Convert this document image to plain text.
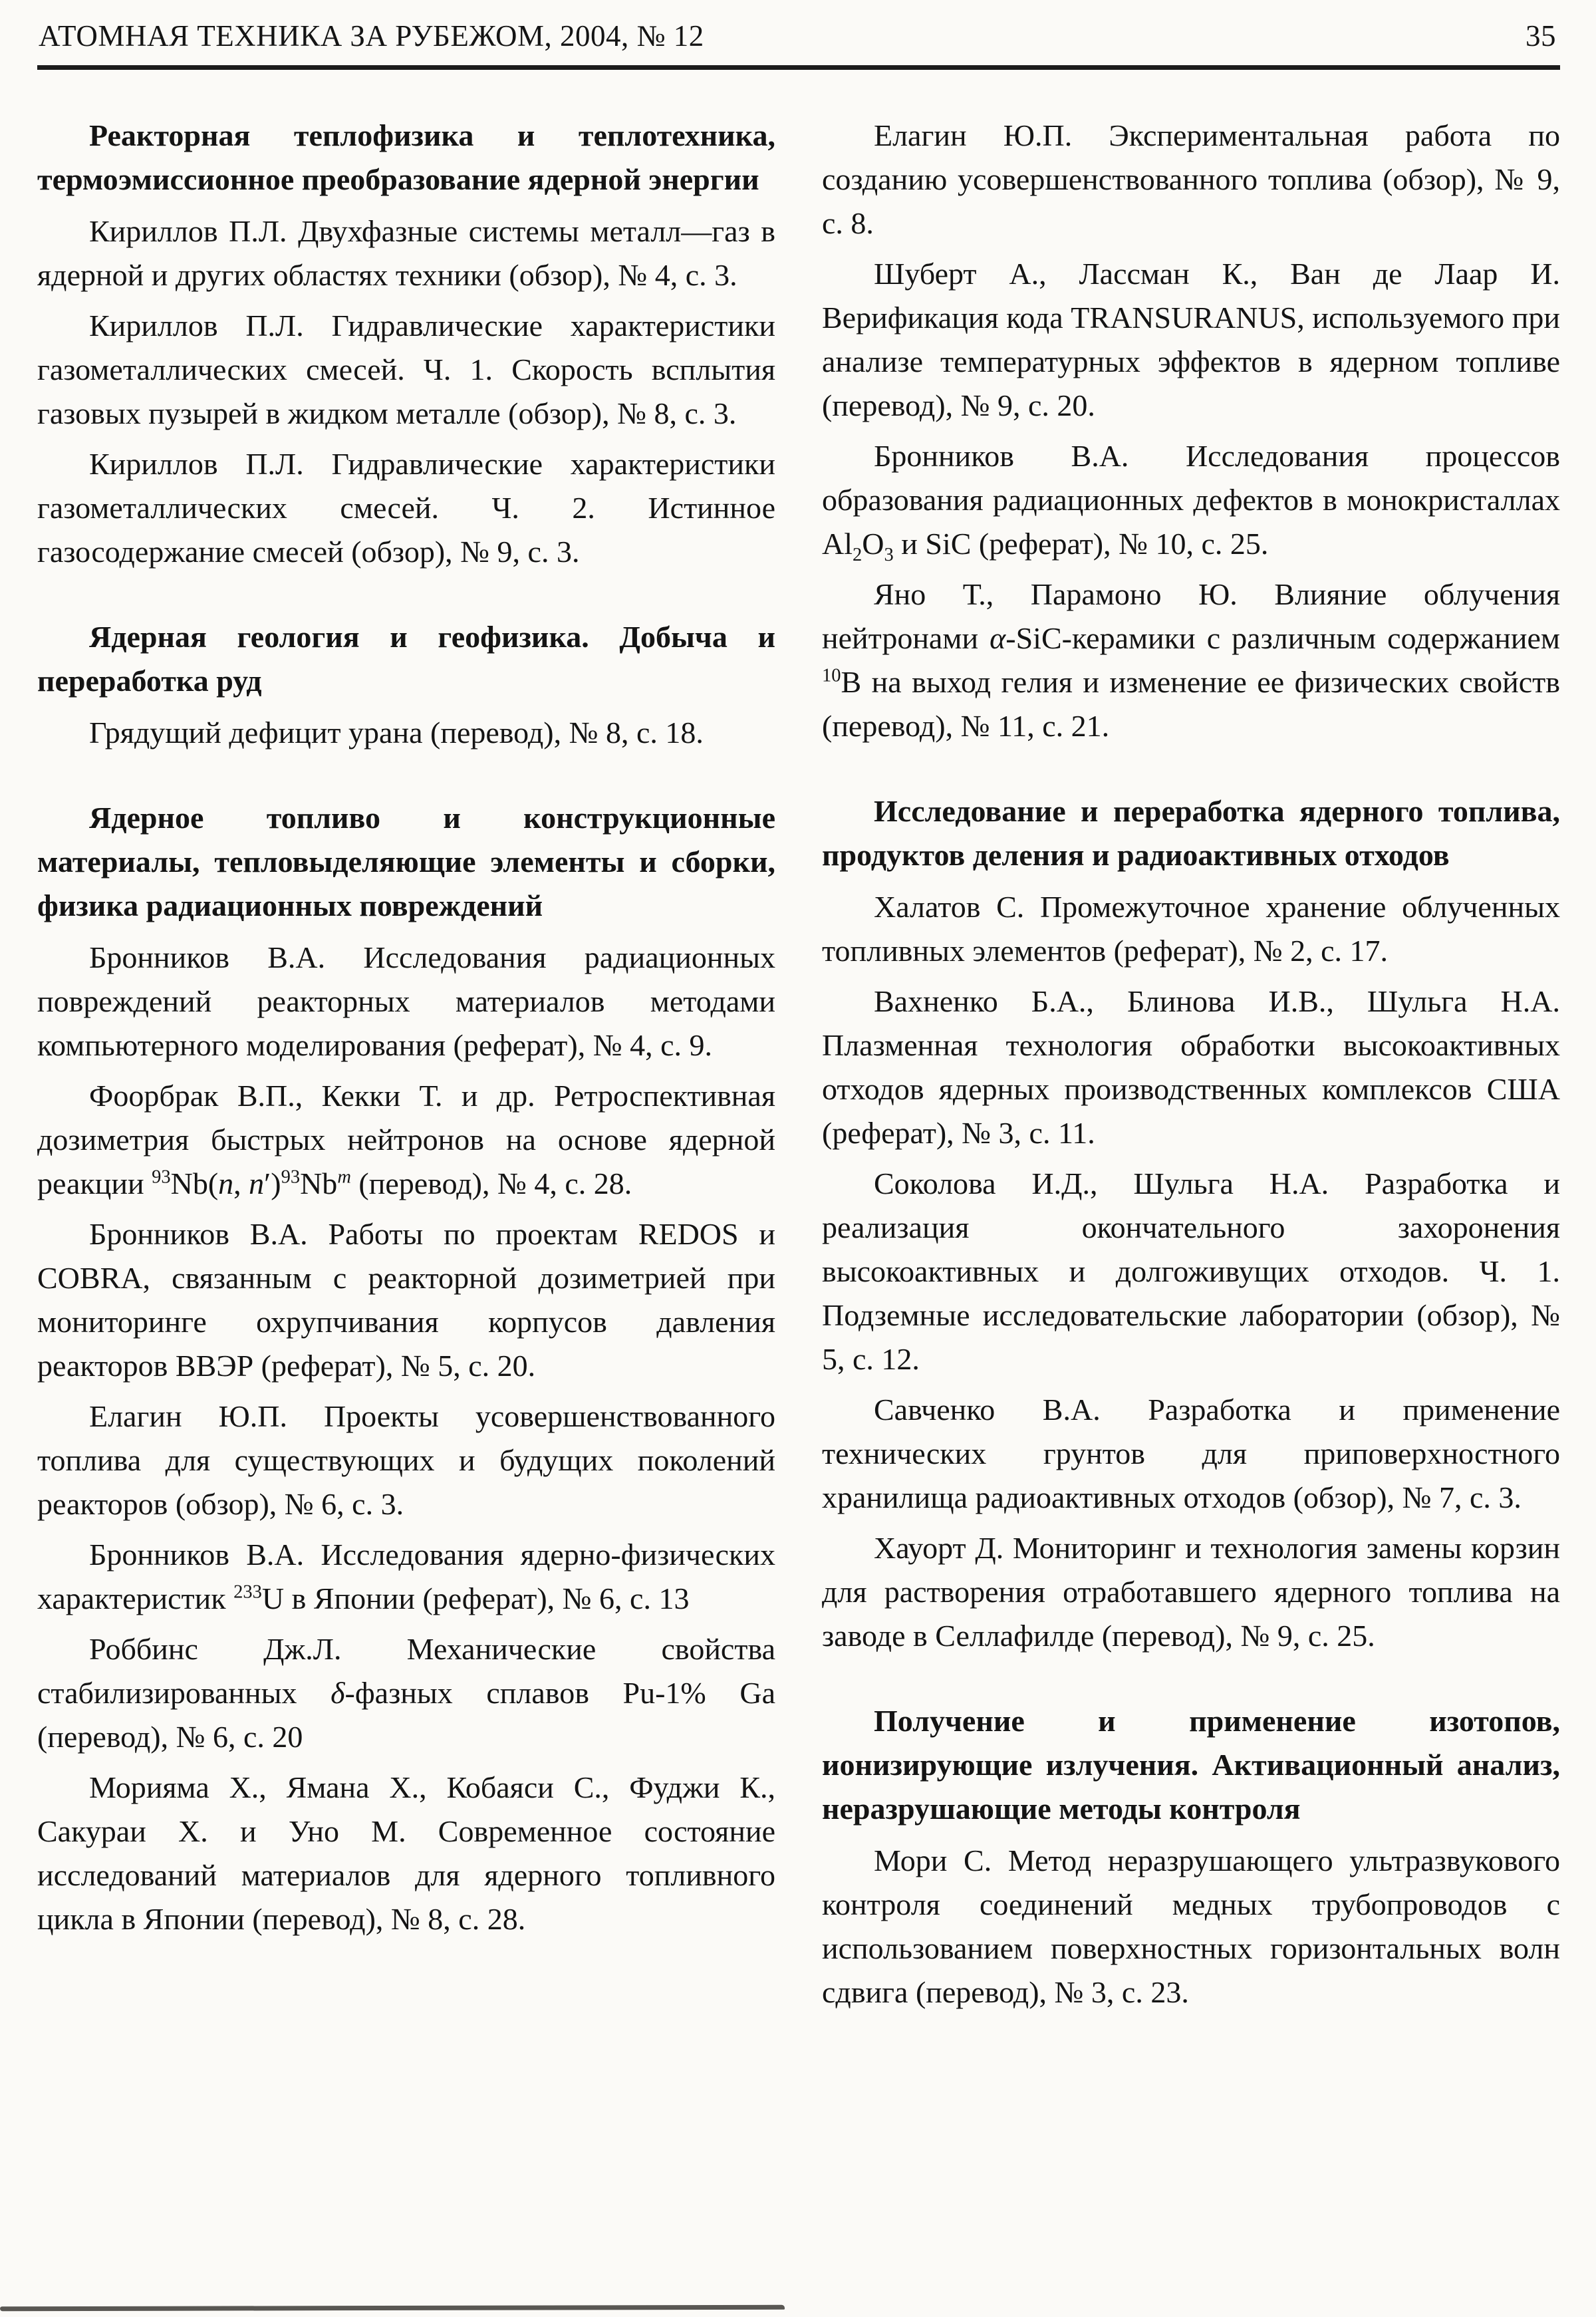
АТОМНАЯ ТЕХНИКА ЗА РУБЕЖОМ, 2004, № 12	35
Реакторная теплофизика и теплотехника, термоэмиссионное преобразование ядерной энергии

Кириллов П.Л. Двухфазные системы металл—газ в ядерной и других областях техники (обзор), № 4, с. 3.

Кириллов П.Л. Гидравлические характеристики газометаллических смесей. Ч. 1. Скорость всплытия газовых пузырей в жидком металле (обзор), № 8, с. 3.

Кириллов П.Л. Гидравлические характеристики газометаллических смесей. Ч. 2. Истинное газосодержание смесей (обзор), № 9, с. 3.

Ядерная геология и геофизика. Добыча и переработка руд

Грядущий дефицит урана (перевод), № 8, с. 18.

Ядерное топливо и конструкционные материалы, тепловыделяющие элементы и сборки, физика радиационных повреждений

Бронников В.А. Исследования радиационных повреждений реакторных материалов методами компьютерного моделирования (реферат), № 4, с. 9.

Фоорбрак В.П., Кекки Т. и др. Ретроспективная дозиметрия быстрых нейтронов на основе ядерной реакции $^{93}$Nb(n, n′)$^{93}$Nb$^m$ (перевод), № 4, с. 28.

Бронников В.А. Работы по проектам REDOS и COBRA, связанным с реакторной дозиметрией при мониторинге охрупчивания корпусов давления реакторов ВВЭР (реферат), № 5, с. 20.

Елагин Ю.П. Проекты усовершенствованного топлива для существующих и будущих поколений реакторов (обзор), № 6, с. 3.

Бронников В.А. Исследования ядерно-физических характеристик $^{233}$U в Японии (реферат), № 6, с. 13

Роббинс Дж.Л. Механические свойства стабилизированных δ-фазных сплавов Pu-1% Ga (перевод), № 6, с. 20

Морияма Х., Ямана Х., Кобаяси С., Фуджи К., Сакураи Х. и Уно М. Современное состояние исследований материалов для ядерного топливного цикла в Японии (перевод), № 8, с. 28.

Елагин Ю.П. Экспериментальная работа по созданию усовершенствованного топлива (обзор), № 9, с. 8.

Шуберт А., Лассман К., Ван де Лаар И. Верификация кода TRANSURANUS, используемого при анализе температурных эффектов в ядерном топливе (перевод), № 9, с. 20.

Бронников В.А. Исследования процессов образования радиационных дефектов в монокристаллах $Al_2O_3$ и SiC (реферат), № 10, с. 25.

Яно Т., Парамоно Ю. Влияние облучения нейтронами α-SiC-керамики с различным содержанием $^{10}$B на выход гелия и изменение ее физических свойств (перевод), № 11, с. 21.

Исследование и переработка ядерного топлива, продуктов деления и радиоактивных отходов

Халатов С. Промежуточное хранение облученных топливных элементов (реферат), № 2, с. 17.

Вахненко Б.А., Блинова И.В., Шульга Н.А. Плазменная технология обработки высокоактивных отходов ядерных производственных комплексов США (реферат), № 3, с. 11.

Соколова И.Д., Шульга Н.А. Разработка и реализация окончательного захоронения высокоактивных и долгоживущих отходов. Ч. 1. Подземные исследовательские лаборатории (обзор), № 5, с. 12.

Савченко В.А. Разработка и применение технических грунтов для приповерхностного хранилища радиоактивных отходов (обзор), № 7, с. 3.

Хауорт Д. Мониторинг и технология замены корзин для растворения отработавшего ядерного топлива на заводе в Селлафилде (перевод), № 9, с. 25.

Получение и применение изотопов, ионизирующие излучения. Активационный анализ, неразрушающие методы контроля

Мори С. Метод неразрушающего ультразвукового контроля соединений медных трубопроводов с использованием поверхностных горизонтальных волн сдвига (перевод), № 3, с. 23.
